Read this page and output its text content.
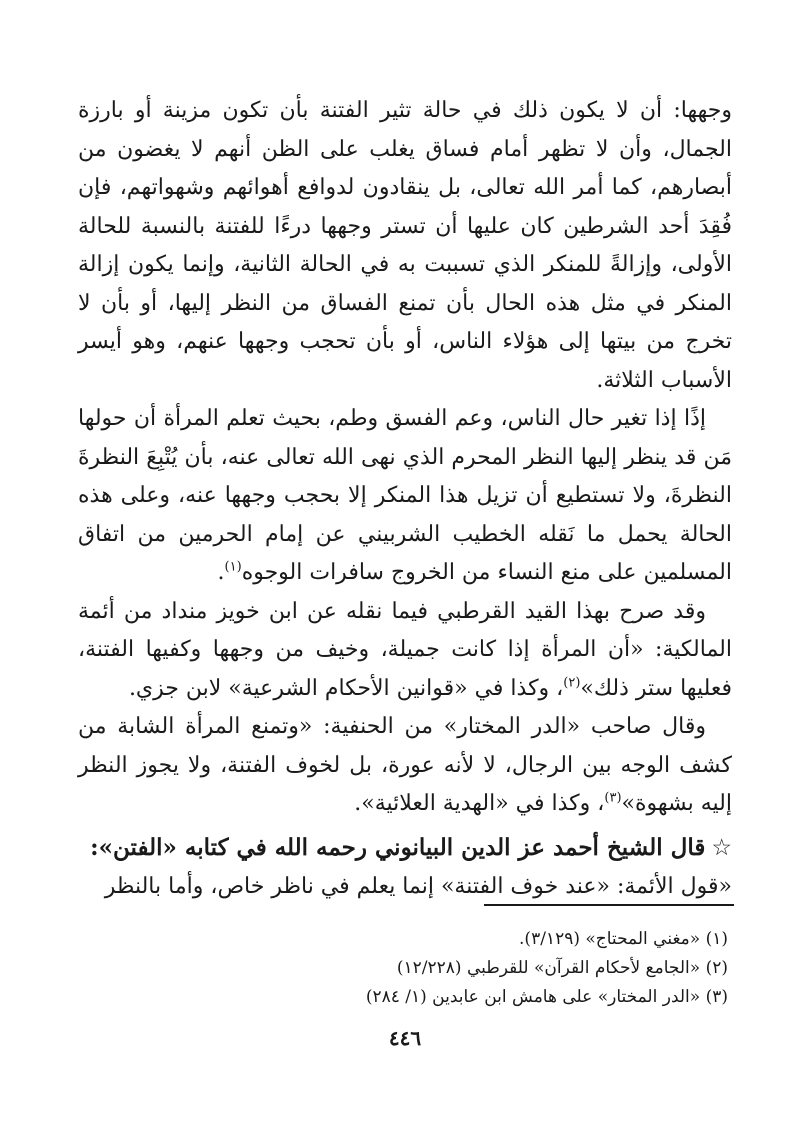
وجهها: أن لا يكون ذلك في حالة تثير الفتنة بأن تكون مزينة أو بارزة الجمال، وأن لا تظهر أمام فساق يغلب على الظن أنهم لا يغضون من أبصارهم، كما أمر الله تعالى، بل ينقادون لدوافع أهوائهم وشهواتهم، فإن فُقِدَ أحد الشرطين كان عليها أن تستر وجهها درءًا للفتنة بالنسبة للحالة الأولى، وإزالةً للمنكر الذي تسببت به في الحالة الثانية، وإنما يكون إزالة المنكر في مثل هذه الحال بأن تمنع الفساق من النظر إليها، أو بأن لا تخرج من بيتها إلى هؤلاء الناس، أو بأن تحجب وجهها عنهم، وهو أيسر الأسباب الثلاثة.

إذًا إذا تغير حال الناس، وعم الفسق وطم، بحيث تعلم المرأة أن حولها مَن قد ينظر إليها النظر المحرم الذي نهى الله تعالى عنه، بأن يُتْبِعَ النظرةَ النظرةَ، ولا تستطيع أن تزيل هذا المنكر إلا بحجب وجهها عنه، وعلى هذه الحالة يحمل ما نَقله الخطيب الشربيني عن إمام الحرمين من اتفاق المسلمين على منع النساء من الخروج سافرات الوجوه$^{(١)}$.

وقد صرح بهذا القيد القرطبي فيما نقله عن ابن خويز منداد من أئمة المالكية: «أن المرأة إذا كانت جميلة، وخيف من وجهها وكفيها الفتنة، فعليها ستر ذلك»$^{(٢)}$، وكذا في «قوانين الأحكام الشرعية» لابن جزي.

وقال صاحب «الدر المختار» من الحنفية: «وتمنع المرأة الشابة من كشف الوجه بين الرجال، لا لأنه عورة، بل لخوف الفتنة، ولا يجوز النظر إليه بشهوة»$^{(٣)}$، وكذا في «الهدية العلائية».

☆قال الشيخ أحمد عز الدين البيانوني رحمه الله في كتابه «الفتن»:

«قول الأئمة: «عند خوف الفتنة» إنما يعلم في ناظر خاص، وأما بالنظر

(١) «مغني المحتاج» (٣/١٢٩).
(٢) «الجامع لأحكام القرآن» للقرطبي (١٢/٢٢٨)
(٣) «الدر المختار» على هامش ابن عابدين (١/ ٢٨٤)
٤٤٦
